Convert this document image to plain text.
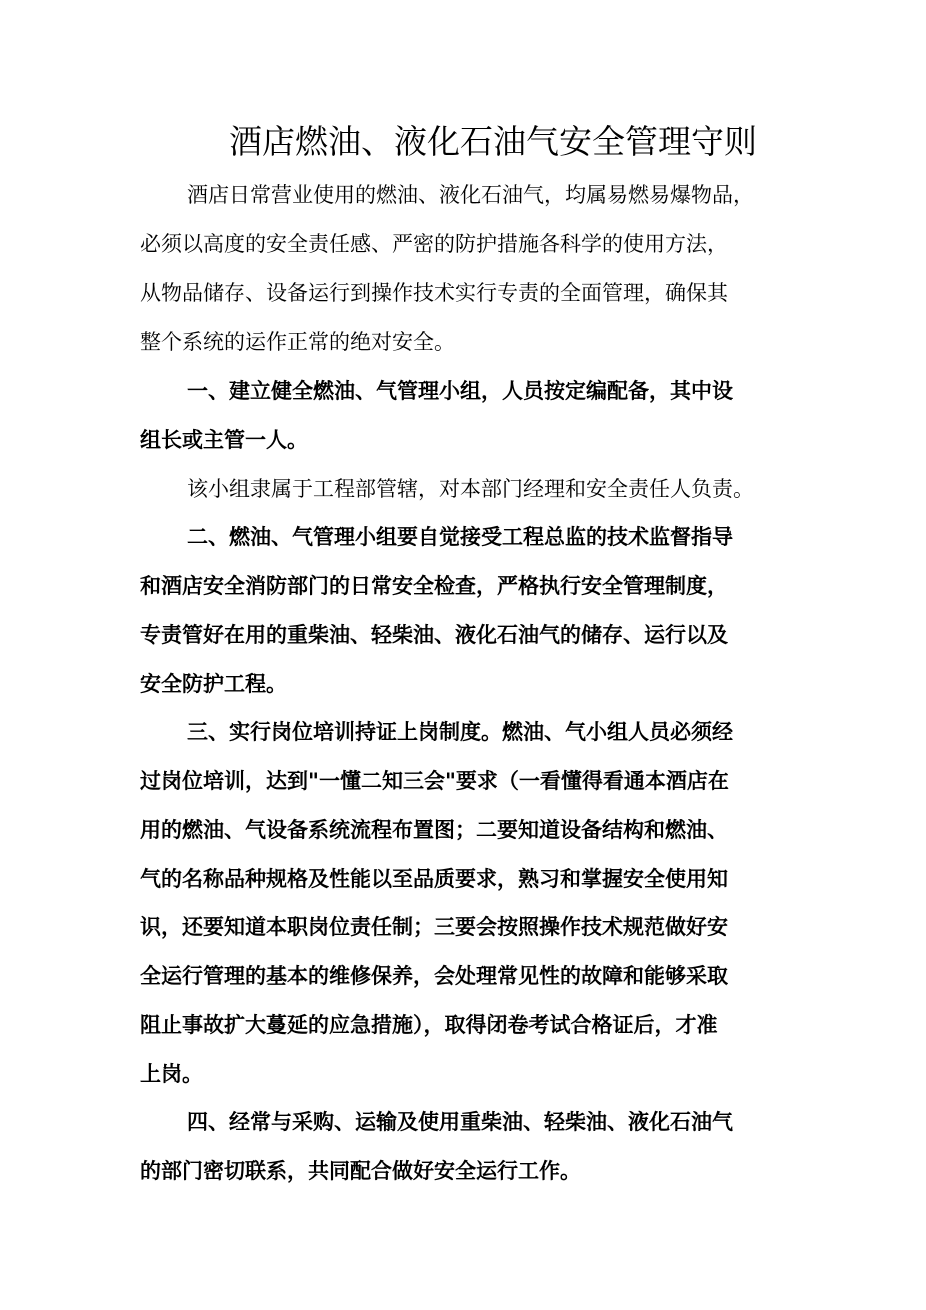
酒店燃油、液化石油气安全管理守则

酒店日常营业使用的燃油、液化石油气，均属易燃易爆物品，

必须以高度的安全责任感、严密的防护措施各科学的使用方法，

从物品储存、设备运行到操作技术实行专责的全面管理，确保其

整个系统的运作正常的绝对安全。

一、建立健全燃油、气管理小组，人员按定编配备，其中设

组长或主管一人。

该小组隶属于工程部管辖，对本部门经理和安全责任人负责。

二、燃油、气管理小组要自觉接受工程总监的技术监督指导

和酒店安全消防部门的日常安全检查，严格执行安全管理制度，

专责管好在用的重柴油、轻柴油、液化石油气的储存、运行以及

安全防护工程。

三、实行岗位培训持证上岗制度。燃油、气小组人员必须经

过岗位培训，达到"一懂二知三会"要求（一看懂得看通本酒店在

用的燃油、气设备系统流程布置图；二要知道设备结构和燃油、

气的名称品种规格及性能以至品质要求，熟习和掌握安全使用知

识，还要知道本职岗位责任制；三要会按照操作技术规范做好安

全运行管理的基本的维修保养，会处理常见性的故障和能够采取

阻止事故扩大蔓延的应急措施），取得闭卷考试合格证后，才准

上岗。

四、经常与采购、运输及使用重柴油、轻柴油、液化石油气

的部门密切联系，共同配合做好安全运行工作。
